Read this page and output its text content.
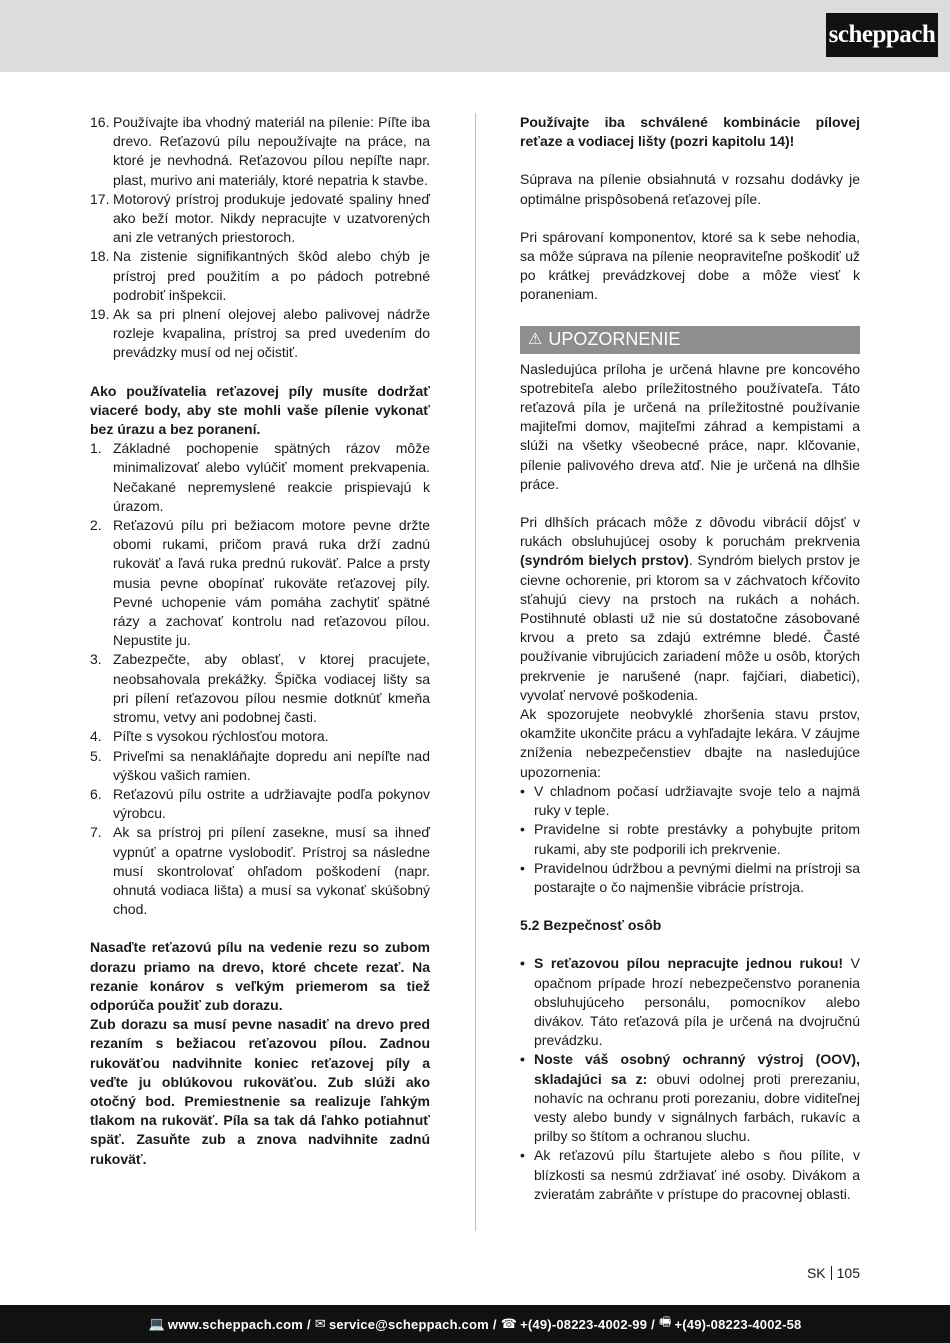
scheppach
16. Používajte iba vhodný materiál na pílenie: Píľte iba drevo. Reťazovú pílu nepoužívajte na práce, na ktoré je nevhodná. Reťazovou pílou nepíľte napr. plast, murivo ani materiály, ktoré nepatria k stavbe.
17. Motorový prístroj produkuje jedovaté spaliny hneď ako beží motor. Nikdy nepracujte v uzatvorených ani zle vetraných priestoroch.
18. Na zistenie signifikantných škôd alebo chýb je prístroj pred použitím a po pádoch potrebné podrobiť inšpekcii.
19. Ak sa pri plnení olejovej alebo palivovej nádrže rozleje kvapalina, prístroj sa pred uvedením do prevádzky musí od nej očistiť.

Ako používatelia reťazovej píly musíte dodržať viaceré body, aby ste mohli vaše pílenie vykonať bez úrazu a bez poranení.

1. Základné pochopenie spätných rázov môže minimalizovať alebo vylúčiť moment prekvapenia. Nečakané nepremyslené reakcie prispievajú k úrazom.
2. Reťazovú pílu pri bežiacom motore pevne držte obomi rukami, pričom pravá ruka drží zadnú rukoväť a ľavá ruka prednú rukoväť. Palce a prsty musia pevne obopínať rukoväte reťazovej píly. Pevné uchopenie vám pomáha zachytiť spätné rázy a zachovať kontrolu nad reťazovou pílou. Nepustite ju.
3. Zabezpečte, aby oblasť, v ktorej pracujete, neobsahovala prekážky. Špička vodiacej lišty sa pri pílení reťazovou pílou nesmie dotknúť kmeňa stromu, vetvy ani podobnej časti.
4. Píľte s vysokou rýchlosťou motora.
5. Priveľmi sa nenakláňajte dopredu ani nepíľte nad výškou vašich ramien.
6. Reťazovú pílu ostrite a udržiavajte podľa pokynov výrobcu.
7. Ak sa prístroj pri pílení zasekne, musí sa ihneď vypnúť a opatrne vyslobodiť. Prístroj sa následne musí skontrolovať ohľadom poškodení (napr. ohnutá vodiaca lišta) a musí sa vykonať skúšobný chod.

Nasaďte reťazovú pílu na vedenie rezu so zubom dorazu priamo na drevo, ktoré chcete rezať. Na rezanie konárov s veľkým priemerom sa tiež odporúča použiť zub dorazu.

Zub dorazu sa musí pevne nasadiť na drevo pred rezaním s bežiacou reťazovou pílou. Zadnou rukoväťou nadvihnite koniec reťazovej píly a veďte ju oblúkovou rukoväťou. Zub slúži ako otočný bod. Premiestnenie sa realizuje ľahkým tlakom na rukoväť. Píla sa tak dá ľahko potiahnuť späť. Zasuňte zub a znova nadvihnite zadnú rukoväť.

Používajte iba schválené kombinácie pílovej reťaze a vodiacej lišty (pozri kapitolu 14)!

Súprava na pílenie obsiahnutá v rozsahu dodávky je optimálne prispôsobená reťazovej píle.

Pri spárovaní komponentov, ktoré sa k sebe nehodia, sa môže súprava na pílenie neopraviteľne poškodiť už po krátkej prevádzkovej dobe a môže viesť k poraneniam.

⚠ UPOZORNENIE

Nasledujúca príloha je určená hlavne pre koncového spotrebiteľa alebo príležitostného používateľa. Táto reťazová píla je určená na príležitostné používanie majiteľmi domov, majiteľmi záhrad a kempistami a slúži na všetky všeobecné práce, napr. klčovanie, pílenie palivového dreva atď. Nie je určená na dlhšie práce.

Pri dlhších prácach môže z dôvodu vibrácií dôjsť v rukách obsluhujúcej osoby k poruchám prekrvenia (syndróm bielych prstov). Syndróm bielych prstov je cievne ochorenie, pri ktorom sa v záchvatoch kŕčovito sťahujú cievy na prstoch na rukách a nohách. Postihnuté oblasti už nie sú dostatočne zásobované krvou a preto sa zdajú extrémne bledé. Časté používanie vibrujúcich zariadení môže u osôb, ktorých prekrvenie je narušené (napr. fajčiari, diabetici), vyvolať nervové poškodenia.

Ak spozorujete neobvyklé zhoršenia stavu prstov, okamžite ukončite prácu a vyhľadajte lekára. V záujme zníženia nebezpečenstiev dbajte na nasledujúce upozornenia:

• V chladnom počasí udržiavajte svoje telo a najmä ruky v teple.
• Pravidelne si robte prestávky a pohybujte pritom rukami, aby ste podporili ich prekrvenie.
• Pravidelnou údržbou a pevnými dielmi na prístroji sa postarajte o čo najmenšie vibrácie prístroja.

5.2 Bezpečnosť osôb

• S reťazovou pílou nepracujte jednou rukou! V opačnom prípade hrozí nebezpečenstvo poranenia obsluhujúceho personálu, pomocníkov alebo divákov. Táto reťazová píla je určená na dvojručnú prevádzku.
• Noste váš osobný ochranný výstroj (OOV), skladajúci sa z: obuvi odolnej proti prerezaniu, nohavíc na ochranu proti porezaniu, dobre viditeľnej vesty alebo bundy v signálnych farbách, rukavíc a prilby so štítom a ochranou sluchu.
• Ak reťazovú pílu štartujete alebo s ňou pílite, v blízkosti sa nesmú zdržiavať iné osoby. Divákom a zvieratám zabráňte v prístupe do pracovnej oblasti.
SK 105
💻 www.scheppach.com / ✉ service@scheppach.com / ☎ +(49)-08223-4002-99 / 🖷 +(49)-08223-4002-58
